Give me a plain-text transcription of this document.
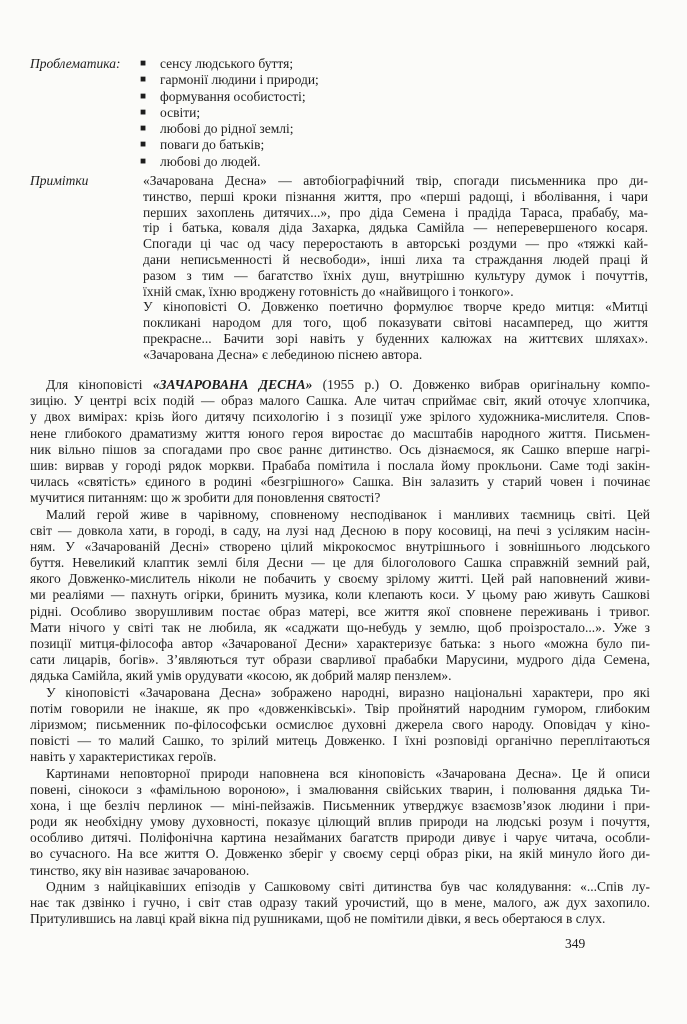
Проблематика: ■	сенсу людського буття;
■	гармонії людини і природи;
■	формування особистості;
■	освіти;
■	любові до рідної землі;
■	поваги до батьків;
■	любові до людей.
Примітки	«Зачарована Десна» — автобіографічний твір, спогади письменника про ди-
тинство, перші кроки пізнання життя, про «перші радощі, і вболівання, і чари
перших захоплень дитячих...», про діда Семена і прадіда Тараса, прабабу, ма-
тір і батька, коваля діда Захарка, дядька Самійла — неперевершеного косаря.
Спогади ці час од часу переростають в авторські роздуми — про «тяжкі кай-
дани неписьменності й несвободи», інші лиха та страждання людей праці й
разом з тим — багатство їхніх душ, внутрішню культуру думок і почуттів,
їхній смак, їхню вроджену готовність до «найвищого і тонкого».
У кіноповісті О. Довженко поетично формулює творче кредо митця: «Митці
покликані народом для того, щоб показувати світові насамперед, що життя
прекрасне... Бачити зорі навіть у буденних калюжах на життєвих шляхах».
«Зачарована Десна» є лебединою піснею автора.
Для кіноповісті «ЗАЧАРОВАНА ДЕСНА» (1955 р.) О. Довженко вибрав оригінальну компо-
зицію. У центрі всіх подій — образ малого Сашка. Але читач сприймає світ, який оточує хлопчика,
у двох вимірах: крізь його дитячу психологію і з позиції уже зрілого художника-мислителя. Спов-
нене глибокого драматизму життя юного героя виростає до масштабів народного життя. Письмен-
ник вільно пішов за спогадами про своє раннє дитинство. Ось дізнаємося, як Сашко вперше нагрі-
шив: вирвав у городі рядок моркви. Прабаба помітила і послала йому прокльони. Саме тоді закін-
чилась «святість» єдиного в родині «безгрішного» Сашка. Він залазить у старий човен і починає
мучитися питанням: що ж зробити для поновлення святості?
Малий герой живе в чарівному, сповненому несподіванок і манливих таємниць світі. Цей
світ — довкола хати, в городі, в саду, на лузі над Десною в пору косовиці, на печі з усіляким насін-
ням. У «Зачарованій Десні» створено цілий мікрокосмос внутрішнього і зовнішнього людського
буття. Невеликий клаптик землі біля Десни — це для білоголового Сашка справжній земний рай,
якого Довженко-мислитель ніколи не побачить у своєму зрілому житті. Цей рай наповнений живи-
ми реаліями — пахнуть огірки, бринить музика, коли клепають коси. У цьому раю живуть Сашкові
рідні. Особливо зворушливим постає образ матері, все життя якої сповнене переживань і тривог.
Мати нічого у світі так не любила, як «саджати що-небудь у землю, щоб проізростало...». Уже з
позиції митця-філософа автор «Зачарованої Десни» характеризує батька: з нього «можна було пи-
сати лицарів, богів». З’являються тут образи сварливої прабабки Марусини, мудрого діда Семена,
дядька Самійла, який умів орудувати «косою, як добрий маляр пензлем».
У кіноповісті «Зачарована Десна» зображено народні, виразно національні характери, про які
потім говорили не інакше, як про «довженківські». Твір пройнятий народним гумором, глибоким
ліризмом; письменник по-філософськи осмислює духовні джерела свого народу. Оповідач у кіно-
повісті — то малий Сашко, то зрілий митець Довженко. І їхні розповіді органічно переплітаються
навіть у характеристиках героїв.
Картинами неповторної природи наповнена вся кіноповість «Зачарована Десна». Це й описи
повені, сінокоси з «фамільною вороною», і змалювання свійських тварин, і полювання дядька Ти-
хона, і ще безліч перлинок — міні-пейзажів. Письменник утверджує взаємозв’язок людини і при-
роди як необхідну умову духовності, показує цілющий вплив природи на людські розум і почуття,
особливо дитячі. Поліфонічна картина незайманих багатств природи дивує і чарує читача, особли-
во сучасного. На все життя О. Довженко зберіг у своєму серці образ ріки, на якій минуло його ди-
тинство, яку він називає зачарованою.
Одним з найцікавіших епізодів у Сашковому світі дитинства був час колядування: «...Спів лу-
нає так дзвінко і гучно, і світ став одразу такий урочистий, що в мене, малого, аж дух захопило.
Притулившись на лавці край вікна під рушниками, щоб не помітили дівки, я весь обертаюся в слух.
349
